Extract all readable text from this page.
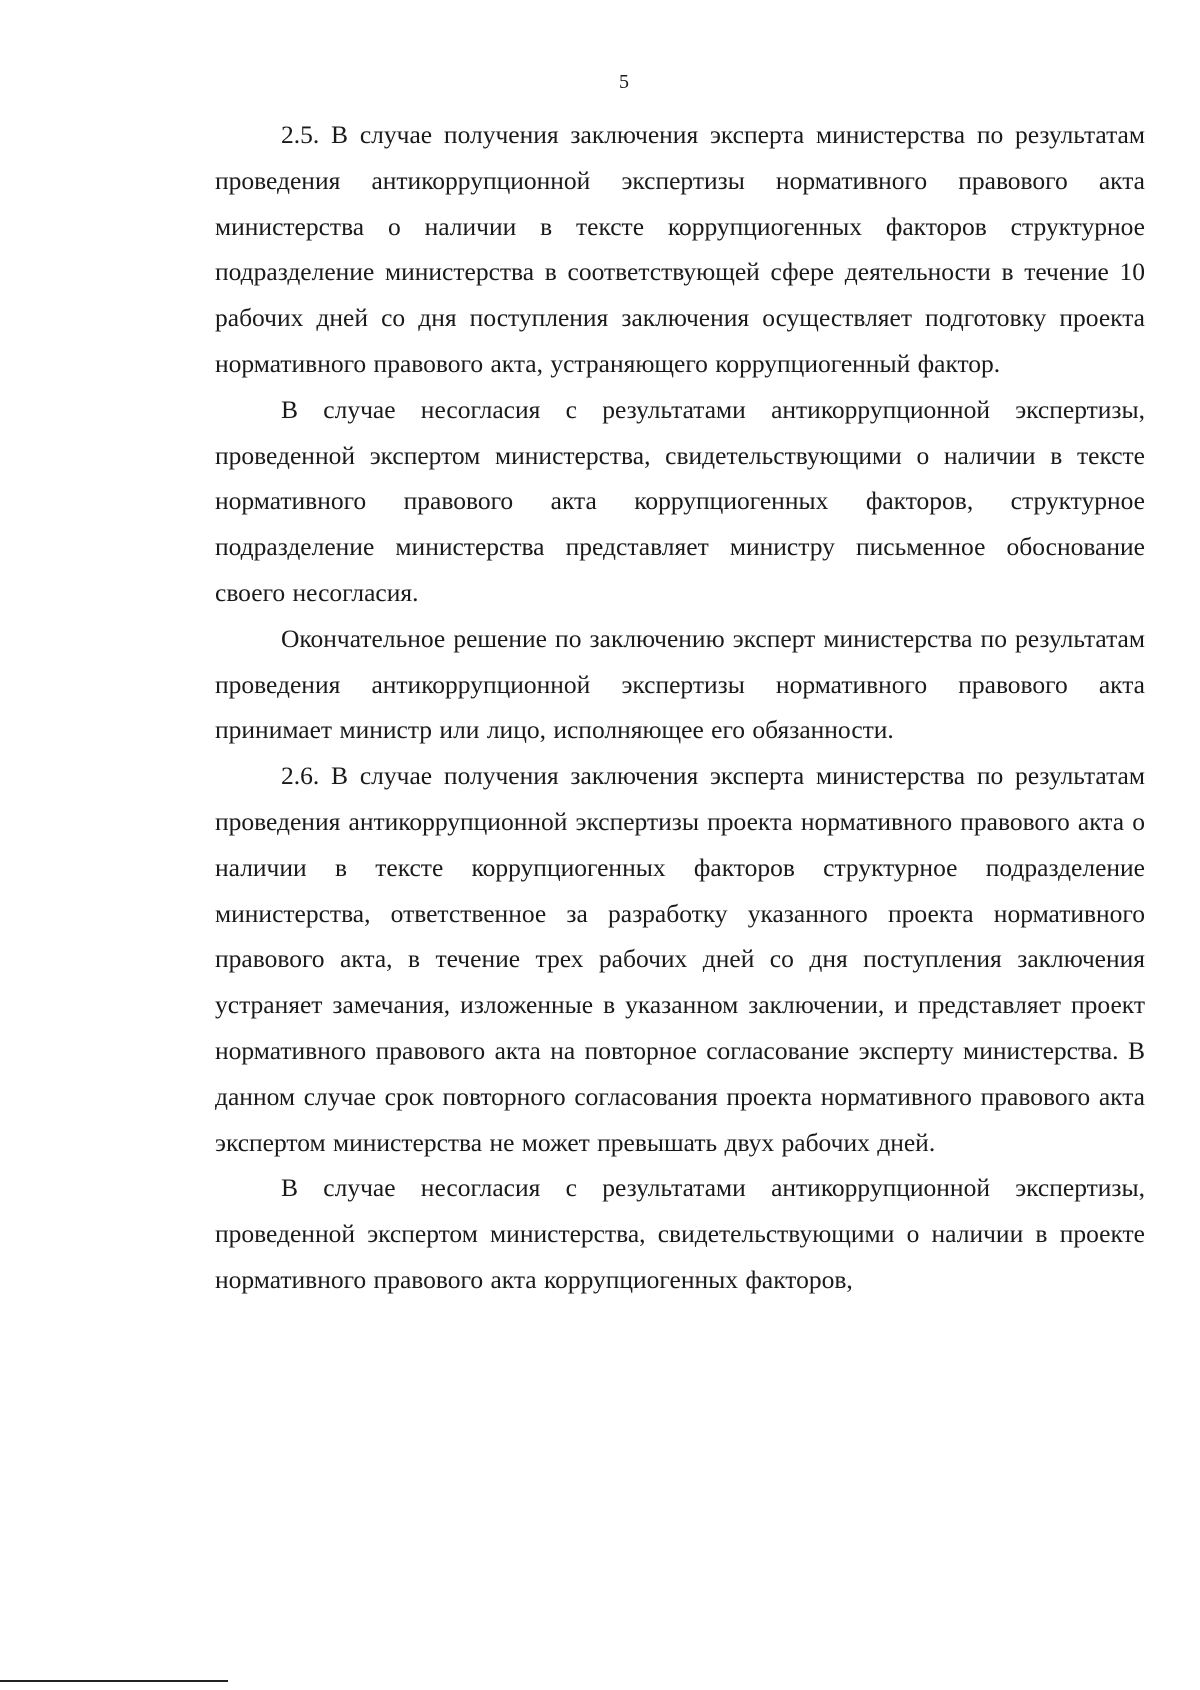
5

2.5. В случае получения заключения эксперта министерства по результатам проведения антикоррупционной экспертизы нормативного правового акта министерства о наличии в тексте коррупциогенных факторов структурное подразделение министерства в соответствующей сфере деятельности в течение 10 рабочих дней со дня поступления заключения осуществляет подготовку проекта нормативного правового акта, устраняющего коррупциогенный фактор.

В случае несогласия с результатами антикоррупционной экспертизы, проведенной экспертом министерства, свидетельствующими о наличии в тексте нормативного правового акта коррупциогенных факторов, структурное подразделение министерства представляет министру письменное обоснование своего несогласия.

Окончательное решение по заключению эксперт министерства по результатам проведения антикоррупционной экспертизы нормативного правового акта принимает министр или лицо, исполняющее его обязанности.

2.6. В случае получения заключения эксперта министерства по результатам проведения антикоррупционной экспертизы проекта нормативного правового акта о наличии в тексте коррупциогенных факторов структурное подразделение министерства, ответственное за разработку указанного проекта нормативного правового акта, в течение трех рабочих дней со дня поступления заключения устраняет замечания, изложенные в указанном заключении, и представляет проект нормативного правового акта на повторное согласование эксперту министерства. В данном случае срок повторного согласования проекта нормативного правового акта экспертом министерства не может превышать двух рабочих дней.

В случае несогласия с результатами антикоррупционной экспертизы, проведенной экспертом министерства, свидетельствующими о наличии в проекте нормативного правового акта коррупциогенных факторов,
